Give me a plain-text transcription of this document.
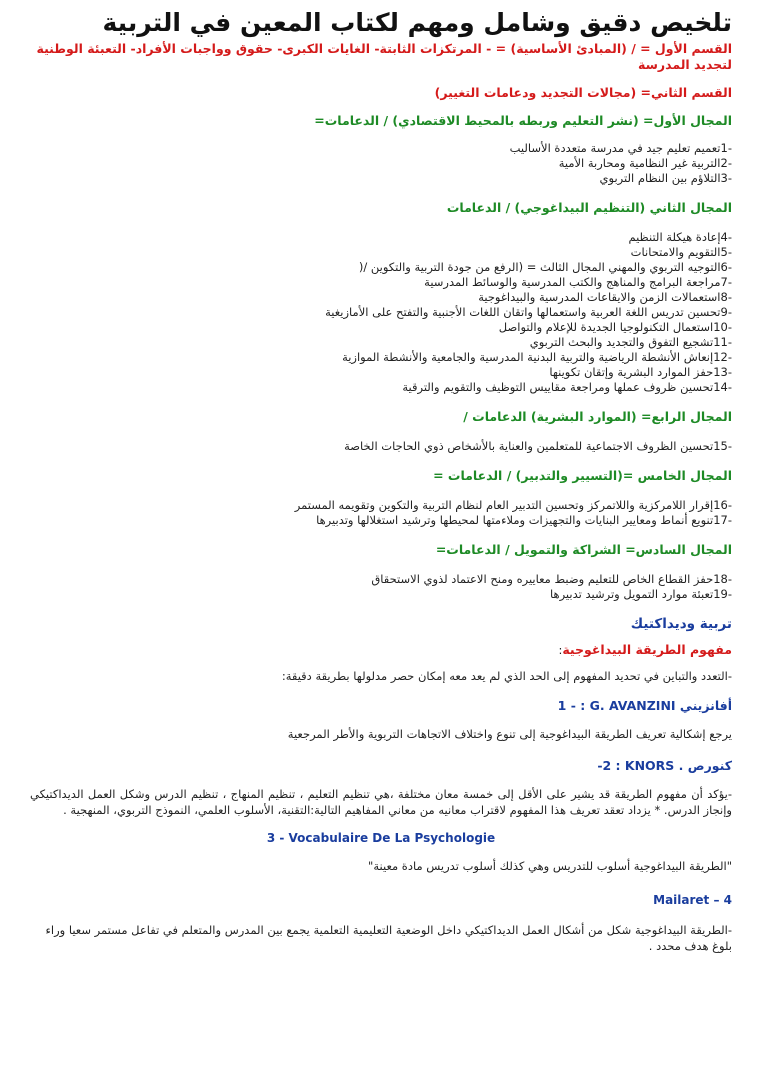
تلخيص دقيق وشامل ومهم لكتاب المعين في التربية

القسم الأول = / (المبادئ الأساسية) = - المرتكزات الثابتة- الغايات الكبرى- حقوق وواجبات الأفراد- التعبئة الوطنية

لتجديد المدرسة

القسم الثاني= (مجالات التجديد ودعامات التغيير)

المجال الأول= (نشر التعليم وربطه بالمحيط الاقتصادي) / الدعامات=

-1تعميم تعليم جيد في مدرسة متعددة الأساليب

-2التربية غير النظامية ومحاربة الأمية

-3التلاؤم بين النظام التربوي

المجال الثاني (التنظيم البيداغوجي) / الدعامات

-4إعادة هيكلة التنظيم

-5التقويم والامتحانات

-6التوجيه التربوي والمهني المجال الثالث = (الرفع من جودة التربية والتكوين /(

-7مراجعة البرامج والمناهج والكتب المدرسية والوسائط المدرسية

-8استعمالات الزمن والايقاعات المدرسية والبيداغوجية

-9تحسين تدريس اللغة العربية واستعمالها واتقان اللغات الأجنبية والتفتح على الأمازيغية

-10استعمال التكنولوجيا الجديدة للإعلام والتواصل

-11تشجيع التفوق والتجديد والبحث التربوي

-12إنعاش الأنشطة الرياضية والتربية البدنية المدرسية والجامعية والأنشطة الموازية

-13حفز الموارد البشرية وإتقان تكوينها

-14تحسين ظروف عملها ومراجعة مقاييس التوظيف والتقويم والترقية

المجال الرابع= (الموارد البشرية) الدعامات /

-15تحسين الظروف الاجتماعية للمتعلمين والعناية بالأشخاص ذوي الحاجات الخاصة

المجال الخامس =(التسيير والتدبير) / الدعامات =

-16إقرار اللامركزية واللاتمركز وتحسين التدبير العام لنظام التربية والتكوين وتقويمه المستمر

-17تنويع أنماط ومعايير البنايات والتجهيزات وملاءمتها لمحيطها وترشيد استغلالها وتدبيرها

المجال السادس= الشراكة والتمويل / الدعامات=

-18حفز القطاع الخاص للتعليم وضبط معاييره ومنح الاعتماد لذوي الاستحقاق

-19تعبئة موارد التمويل وترشيد تدبيرها

تربية وديداكتيك

مفهوم الطريقة البيداغوجية:

-التعدد والتباين في تحديد المفهوم إلى الحد الذي لم يعد معه إمكان حصر مدلولها بطريقة دقيقة:

أفانزيني 1 - : G. AVANZINI

يرجع إشكالية تعريف الطريقة البيداغوجية إلى تنوع واختلاف الاتجاهات التربوية والأطر المرجعية

كنورص -2 : KNORS .

-يؤكد أن مفهوم الطريقة قد يشير على الأقل إلى خمسة معان مختلفة ،هي تنظيم التعليم ، تنظيم المنهاج ، تنظيم الدرس وشكل العمل الديداكتيكي وإنجاز الدرس. * يزداد تعقد تعريف هذا المفهوم لاقتراب معانيه من معاني المفاهيم التالية:التقنية، الأسلوب العلمي، النموذج التربوي، المنهجية .

3 - Vocabulaire De La Psychologie

"الطريقة البيداغوجية أسلوب للتدريس وهي كذلك أسلوب تدريس مادة معينة"

Mailaret – 4

-الطريقة البيداغوجية شكل من أشكال العمل الديداكتيكي داخل الوضعية التعليمية التعلمية يجمع بين المدرس والمتعلم في تفاعل مستمر سعيا وراء بلوغ هدف محدد .
